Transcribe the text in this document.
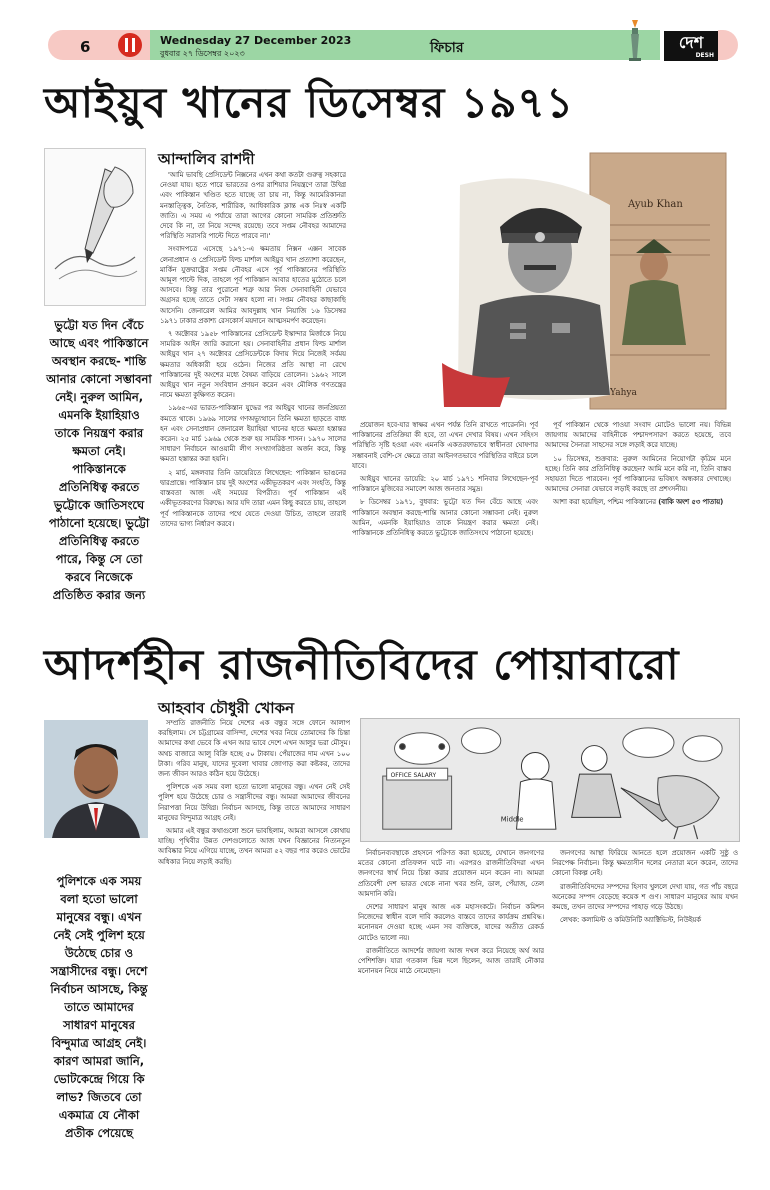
6	Wednesday 27 December 2023
বুধবার ২৭ ডিসেম্বর ২০২৩	ফিচার	দেশ
DESH
আইয়ুব খানের ডিসেম্বর ১৯৭১
আন্দালিব রাশদী
ভুট্টো যত দিন বেঁচে আছে এবং পাকিস্তানে অবস্থান করছে- শান্তি আনার কোনো সম্ভাবনা নেই। নুরুল আমিন, এমনকি ইয়াহিয়াও তাকে নিয়ন্ত্রণ করার ক্ষমতা নেই। পাকিস্তানকে প্রতিনিধিত্ব করতে ভুট্টোকে জাতিসংঘে পাঠানো হয়েছে। ভুট্টো প্রতিনিধিত্ব করতে পারে, কিন্তু সে তো করবে নিজেকে প্রতিষ্ঠিত করার জন্য

'আমি ভাবছি প্রেসিডেন্ট নিক্সনের এখন কথা কতটা গুরুত্ব সহকারে নেওয়া যায়। হতে পারে ভারতের ওপর রাশিয়ার নিয়ন্ত্রণে তারা উদ্বিগ্ন এবং পাকিস্তান খণ্ডিত হতে যাচ্ছে তা চায় না, কিন্তু আমেরিকানরা মনস্তাত্ত্বিক, নৈতিক, শারীরিক, আধিকারিক ক্লান্ত এক নিঃস্ব একটি জাতি। এ সময় এ পর্যায়ে তারা আগের কোনো সামরিক প্রতিশ্রুতি দেবে কি না, তা নিয়ে সন্দেহ রয়েছে। তবে সপ্তম নৌবহর আমাদের পরিস্থিতি সরাসরি পাল্টে দিতে পারবে না।'

সংবাদপত্রে এসেছে ১৯৭১-এ ক্ষমতায় নিক্সন এক্সন সাবেক লেনাপ্রধান ও প্রেসিডেন্ট ফিল্ড মার্শাল আইয়ুব খান প্রত্যাশা করেছেন, মার্কিন যুক্তরাষ্ট্রের সপ্তম নৌবহর এসে পূর্ব পাকিস্তানের পরিস্থিতি আমূল পাল্টে দিক, তাহলে পূর্ব পাকিস্তান আবার হাতের মুঠোতে চলে আসবে। কিন্তু তার পুরোনো শত্রু আর নিজ সেনাবাহিনী যেভাবে অগ্রসর হচ্ছে তাতে সেটা সম্ভব হলো না। সপ্তম নৌবহর কাছাকাছি আসেনি। জেনারেল আমির আবদুল্লাহ খান নিয়াজি ১৬ ডিসেম্বর ১৯৭১ ঢাকার প্রকাশ্য রেসকোর্স ময়দানে আত্মসমর্পণ করেছেন।

৭ অক্টোবর ১৯৫৮ পাকিস্তানের প্রেসিডেন্ট ইস্কান্দার মির্জাকে নিয়ে সামরিক আইন জারি করানো হয়। সেনাবাহিনীর প্রধান ফিল্ড মার্শাল আইয়ুব খান ২৭ অক্টোবর প্রেসিডেন্টকে বিদায় দিয়ে নিজেই সর্বময় ক্ষমতার অধিকারী হয়ে ওঠেন। নিজের প্রতি আস্থা না রেখে পাকিস্তানের দুই অংশের মধ্যে বৈষম্য বাড়িয়ে তোলেন। ১৯৬২ সালে আইয়ুব খান নতুন সংবিধান প্রণয়ন করেন এবং মৌলিক গণতন্ত্রের নামে ক্ষমতা কুক্ষিগত করেন।

১৯৬৫-এর ভারত-পাকিস্তান যুদ্ধের পর আইয়ুব খানের জনপ্রিয়তা কমতে থাকে। ১৯৬৯ সালের গণঅভ্যুত্থানে তিনি ক্ষমতা ছাড়তে বাধ্য হন এবং সেনাপ্রধান জেনারেল ইয়াহিয়া খানের হাতে ক্ষমতা হস্তান্তর করেন। ২৫ মার্চ ১৯৬৯ থেকে শুরু হয় সামরিক শাসন। ১৯৭০ সালের সাধারণ নির্বাচনে আওয়ামী লীগ সংখ্যাগরিষ্ঠতা অর্জন করে, কিন্তু ক্ষমতা হস্তান্তর করা হয়নি।

২ মার্চ, মঙ্গলবার তিনি ডায়েরিতে লিখেছেন: পাকিস্তান ভাঙনের দ্বারপ্রান্তে। পাকিস্তান চায় দুই অংশের একীভূতকরণ এবং সংহতি, কিন্তু বাস্তবতা আজ এই সময়ের বিপরীত। পূর্ব পাকিস্তান এই একীভূতকরণের বিরুদ্ধে। আর যদি তারা এমন কিছু করতে চায়, তাহলে পূর্ব পাকিস্তানকে তাদের পথে যেতে দেওয়া উচিত, তাহলে তারাই তাদের ভাগ্য নির্ধারণ করবে।

Ayub Khan
Yahya

প্রয়োজন হবে-যার স্বাক্ষর এখন পর্যন্ত তিনি রাখতে পারেননি। পূর্ব পাকিস্তানের প্রতিক্রিয়া কী হবে, তা এখন দেখার বিষয়। এখন সহিংস পরিস্থিতি সৃষ্টি হওয়া এবং এমনকি একতরফাভাবে স্বাধীনতা ঘোষণার সম্ভাবনাই বেশি-সে ক্ষেত্রে তারা আইনগতভাবে পরিস্থিতির বাইরে চলে যাবে।

আইয়ুব খানের ডায়েরি: ২০ মার্চ ১৯৭১ শনিবার লিখেছেন-পূর্ব পাকিস্তানে মুজিবের সমাবেশ আজ জনতার সমুদ্র।

৮ ডিসেম্বর ১৯৭১, বুধবার: ভুট্টো যত দিন বেঁচে আছে এবং পাকিস্তানে অবস্থান করছে-শান্তি আনার কোনো সম্ভাবনা নেই। নুরুল আমিন, এমনকি ইয়াহিয়াও তাকে নিয়ন্ত্রণ করার ক্ষমতা নেই। পাকিস্তানকে প্রতিনিধিত্ব করতে ভুট্টোকে জাতিসংঘে পাঠানো হয়েছে।

পূর্ব পাকিস্তান থেকে পাওয়া সংবাদ মোটেও ভালো নয়। বিভিন্ন জায়গায় আমাদের বাহিনীকে পশ্চাদপসারণ করতে হয়েছে, তবে আমাদের সৈন্যরা সাহসের সঙ্গে লড়াই করে যাচ্ছে।

১০ ডিসেম্বর, শুক্রবার: নুরুল আমিনের নিয়োগটা কৃত্রিম মনে হচ্ছে। তিনি কার প্রতিনিধিত্ব করছেন? আমি মনে করি না, তিনি বাস্তব সহায়তা দিতে পারবেন। পূর্ব পাকিস্তানের ভবিষ্যৎ অন্ধকার দেখাচ্ছে। আমাদের সেনারা যেভাবে লড়াই করছে তা প্রশংসনীয়।

আশা করা হয়েছিল, পশ্চিম পাকিস্তানের (বাকি অংশ ৫৩ পাতায়)

আদর্শহীন রাজনীতিবিদের পোয়াবারো
আহবাব চৌধুরী খোকন
পুলিশকে এক সময় বলা হতো ভালো মানুষের বন্ধু। এখন নেই সেই পুলিশ হয়ে উঠেছে চোর ও সন্ত্রাসীদের বন্ধু। দেশে নির্বাচন আসছে, কিন্তু তাতে আমাদের সাধারণ মানুষের বিন্দুমাত্র আগ্রহ নেই। কারণ আমরা জানি, ভোটকেন্দ্রে গিয়ে কি লাভ? জিতবে তো একমাত্র যে নৌকা প্রতীক পেয়েছে

সম্প্রতি রাজনীতি নিয়ে দেশের এক বন্ধুর সঙ্গে ফোনে আলাপ করছিলাম। সে চট্টগ্রামের বাসিন্দা, দেশের খবর নিয়ে তোমাদের কি চিন্তা আমাদের কথা ভেবে কি এখন আর ভাবে দেশে এখন আলুর ভরা মৌসুম। অথচ বাজারে আলু বিক্রি হচ্ছে ৫০ টাকায়। পেঁয়াজের দাম এখন ১০০ টাকা। গরিব মানুষ, যাদের দুবেলা খাবার জোগাড় করা কষ্টকর, তাদের জন্য জীবন আরও কঠিন হয়ে উঠেছে।

পুলিশকে এক সময় বলা হতো ভালো মানুষের বন্ধু। এখন নেই সেই পুলিশ হয়ে উঠেছে চোর ও সন্ত্রাসীদের বন্ধু। আমরা আমাদের জীবনের নিরাপত্তা নিয়ে উদ্বিগ্ন। নির্বাচন আসছে, কিন্তু তাতে আমাদের সাধারণ মানুষের বিন্দুমাত্র আগ্রহ নেই।

আমার এই বন্ধুর কথাগুলো শুনে ভাবছিলাম, আমরা আসলে কোথায় যাচ্ছি। পৃথিবীর উন্নত দেশগুলোতে আজ যখন বিজ্ঞানের নিত্যনতুন আবিষ্কার নিয়ে এগিয়ে যাচ্ছে, তখন আমরা ৫২ বছর পার করেও ভোটের অধিকার নিয়ে লড়াই করছি।

OFFICE SALARY
Middle

নির্বাচনব্যবস্থাকে প্রহসনে পরিণত করা হয়েছে, যেখানে জনগণের মতের কোনো প্রতিফলন ঘটে না। এরপরও রাজনীতিবিদরা এখন জনগণের স্বার্থ নিয়ে চিন্তা করার প্রয়োজন মনে করেন না। আমরা প্রতিবেশী দেশ ভারত থেকে নানা খবর শুনি, ডাল, পেঁয়াজ, তেল আমদানি করি।

দেশের সাধারণ মানুষ আজ এক মহাসংকটে। নির্বাচন কমিশন নিজেদের স্বাধীন বলে দাবি করলেও বাস্তবে তাদের কার্যক্রম প্রশ্নবিদ্ধ। মনোনয়ন দেওয়া হচ্ছে এমন সব ব্যক্তিকে, যাদের অতীত রেকর্ড মোটেও ভালো নয়।

রাজনীতিতে আদর্শের জায়গা আজ দখল করে নিয়েছে অর্থ আর পেশিশক্তি। যারা গতকাল ভিন্ন দলে ছিলেন, আজ তারাই নৌকার মনোনয়ন নিয়ে মাঠে নেমেছেন।

জনগণের আস্থা ফিরিয়ে আনতে হলে প্রয়োজন একটি সুষ্ঠু ও নিরপেক্ষ নির্বাচন। কিন্তু ক্ষমতাসীন দলের নেতারা মনে করেন, তাদের কোনো বিকল্প নেই।

রাজনীতিবিদদের সম্পদের হিসাব খুললে দেখা যায়, গত পাঁচ বছরে অনেকের সম্পদ বেড়েছে কয়েক শ গুণ। সাধারণ মানুষের আয় যখন কমছে, তখন তাদের সম্পদের পাহাড় গড়ে উঠছে।

লেখক: কলামিস্ট ও কমিউনিটি অ্যাক্টিভিস্ট, নিউইয়র্ক
